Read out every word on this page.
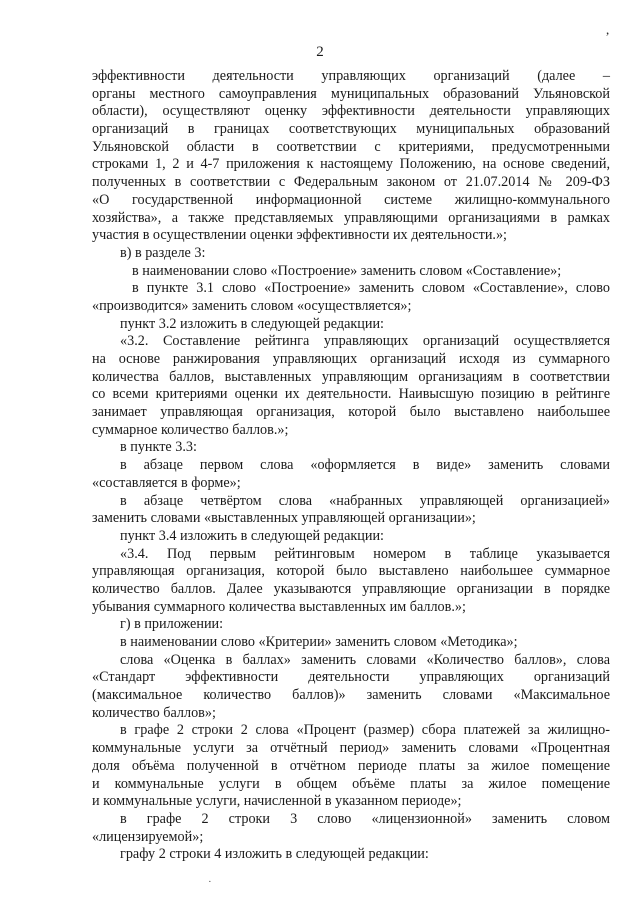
,
2
эффективности деятельности управляющих организаций (далее –
органы местного самоуправления муниципальных образований Ульяновской
области), осуществляют оценку эффективности деятельности управляющих
организаций в границах соответствующих муниципальных образований
Ульяновской области в соответствии с критериями, предусмотренными
строками 1, 2 и 4-7 приложения к настоящему Положению, на основе сведений,
полученных в соответствии с Федеральным законом от 21.07.2014 № 209-ФЗ
«О государственной информационной системе жилищно-коммунального
хозяйства», а также представляемых управляющими организациями в рамках
участия в осуществлении оценки эффективности их деятельности.»;
в) в разделе 3:
в наименовании слово «Построение» заменить словом «Составление»;
в пункте 3.1 слово «Построение» заменить словом «Составление», слово
«производится» заменить словом «осуществляется»;
пункт 3.2 изложить в следующей редакции:
«3.2. Составление рейтинга управляющих организаций осуществляется
на основе ранжирования управляющих организаций исходя из суммарного
количества баллов, выставленных управляющим организациям в соответствии
со всеми критериями оценки их деятельности. Наивысшую позицию в рейтинге
занимает управляющая организация, которой было выставлено наибольшее
суммарное количество баллов.»;
в пункте 3.3:
в абзаце первом слова «оформляется в виде» заменить словами
«составляется в форме»;
в абзаце четвёртом слова «набранных управляющей организацией»
заменить словами «выставленных управляющей организации»;
пункт 3.4 изложить в следующей редакции:
«3.4. Под первым рейтинговым номером в таблице указывается
управляющая организация, которой было выставлено наибольшее суммарное
количество баллов. Далее указываются управляющие организации в порядке
убывания суммарного количества выставленных им баллов.»;
г) в приложении:
в наименовании слово «Критерии» заменить словом «Методика»;
слова «Оценка в баллах» заменить словами «Количество баллов», слова
«Стандарт эффективности деятельности управляющих организаций
(максимальное количество баллов)» заменить словами «Максимальное
количество баллов»;
в графе 2 строки 2 слова «Процент (размер) сбора платежей за жилищно-
коммунальные услуги за отчётный период» заменить словами «Процентная
доля объёма полученной в отчётном периоде платы за жилое помещение
и коммунальные услуги в общем объёме платы за жилое помещение
и коммунальные услуги, начисленной в указанном периоде»;
в графе 2 строки 3 слово «лицензионной» заменить словом
«лицензируемой»;
графу 2 строки 4 изложить в следующей редакции:
·
